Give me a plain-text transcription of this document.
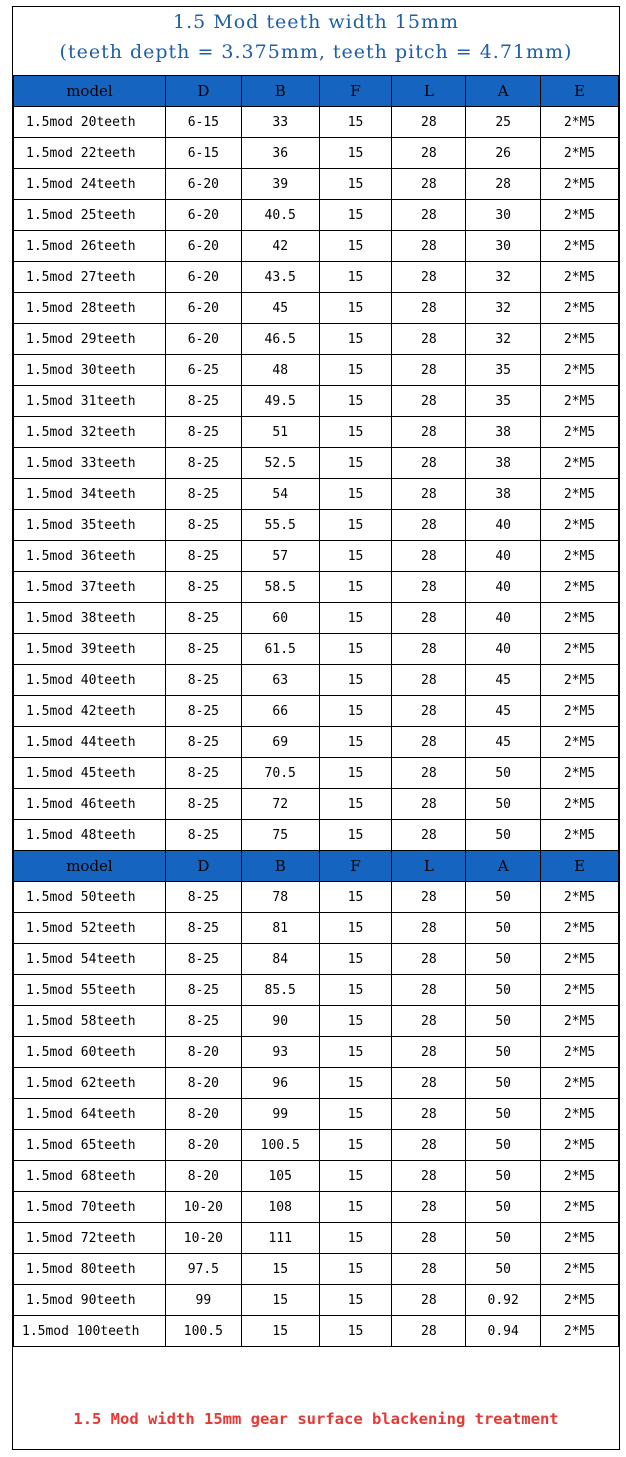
1.5 Mod teeth width 15mm
(teeth depth = 3.375mm, teeth pitch = 4.71mm)
model	D	B	F	L	A	E
1.5mod 20teeth	6-15	33	15	28	25	2*M5
1.5mod 22teeth	6-15	36	15	28	26	2*M5
1.5mod 24teeth	6-20	39	15	28	28	2*M5
1.5mod 25teeth	6-20	40.5	15	28	30	2*M5
1.5mod 26teeth	6-20	42	15	28	30	2*M5
1.5mod 27teeth	6-20	43.5	15	28	32	2*M5
1.5mod 28teeth	6-20	45	15	28	32	2*M5
1.5mod 29teeth	6-20	46.5	15	28	32	2*M5
1.5mod 30teeth	6-25	48	15	28	35	2*M5
1.5mod 31teeth	8-25	49.5	15	28	35	2*M5
1.5mod 32teeth	8-25	51	15	28	38	2*M5
1.5mod 33teeth	8-25	52.5	15	28	38	2*M5
1.5mod 34teeth	8-25	54	15	28	38	2*M5
1.5mod 35teeth	8-25	55.5	15	28	40	2*M5
1.5mod 36teeth	8-25	57	15	28	40	2*M5
1.5mod 37teeth	8-25	58.5	15	28	40	2*M5
1.5mod 38teeth	8-25	60	15	28	40	2*M5
1.5mod 39teeth	8-25	61.5	15	28	40	2*M5
1.5mod 40teeth	8-25	63	15	28	45	2*M5
1.5mod 42teeth	8-25	66	15	28	45	2*M5
1.5mod 44teeth	8-25	69	15	28	45	2*M5
1.5mod 45teeth	8-25	70.5	15	28	50	2*M5
1.5mod 46teeth	8-25	72	15	28	50	2*M5
1.5mod 48teeth	8-25	75	15	28	50	2*M5
model	D	B	F	L	A	E
1.5mod 50teeth	8-25	78	15	28	50	2*M5
1.5mod 52teeth	8-25	81	15	28	50	2*M5
1.5mod 54teeth	8-25	84	15	28	50	2*M5
1.5mod 55teeth	8-25	85.5	15	28	50	2*M5
1.5mod 58teeth	8-25	90	15	28	50	2*M5
1.5mod 60teeth	8-20	93	15	28	50	2*M5
1.5mod 62teeth	8-20	96	15	28	50	2*M5
1.5mod 64teeth	8-20	99	15	28	50	2*M5
1.5mod 65teeth	8-20	100.5	15	28	50	2*M5
1.5mod 68teeth	8-20	105	15	28	50	2*M5
1.5mod 70teeth	10-20	108	15	28	50	2*M5
1.5mod 72teeth	10-20	111	15	28	50	2*M5
1.5mod 80teeth	97.5	15	15	28	50	2*M5
1.5mod 90teeth	99	15	15	28	0.92	2*M5
1.5mod 100teeth	100.5	15	15	28	0.94	2*M5
1.5 Mod width 15mm gear surface blackening treatment
